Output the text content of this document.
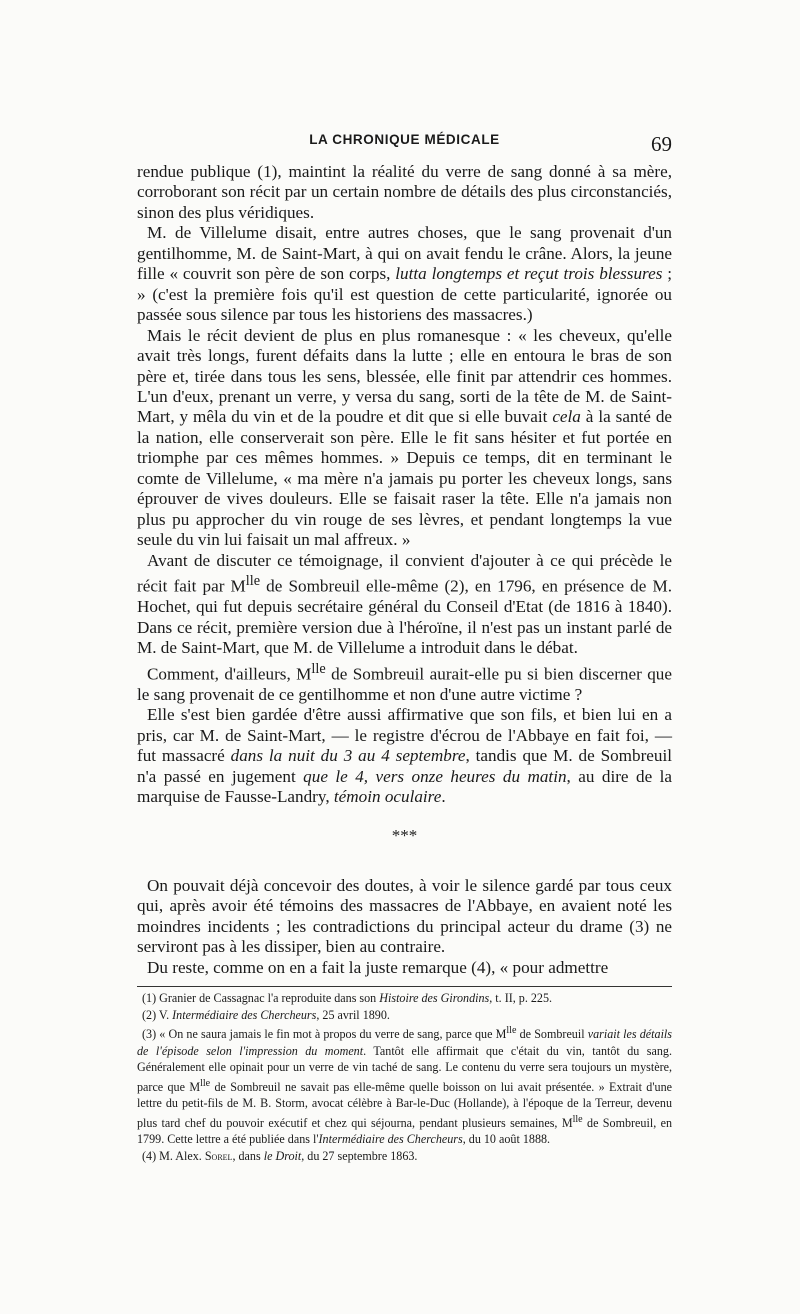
LA CHRONIQUE MÉDICALE	69

rendue publique (1), maintint la réalité du verre de sang donné à sa mère, corroborant son récit par un certain nombre de détails des plus circonstanciés, sinon des plus véridiques.

M. de Villelume disait, entre autres choses, que le sang provenait d'un gentilhomme, M. de Saint-Mart, à qui on avait fendu le crâne. Alors, la jeune fille « couvrit son père de son corps, lutta longtemps et reçut trois blessures ; » (c'est la première fois qu'il est question de cette particularité, ignorée ou passée sous silence par tous les historiens des massacres.)

Mais le récit devient de plus en plus romanesque : « les cheveux, qu'elle avait très longs, furent défaits dans la lutte ; elle en entoura le bras de son père et, tirée dans tous les sens, blessée, elle finit par attendrir ces hommes. L'un d'eux, prenant un verre, y versa du sang, sorti de la tête de M. de Saint-Mart, y mêla du vin et de la poudre et dit que si elle buvait cela à la santé de la nation, elle conserverait son père. Elle le fit sans hésiter et fut portée en triomphe par ces mêmes hommes. » Depuis ce temps, dit en terminant le comte de Villelume, « ma mère n'a jamais pu porter les cheveux longs, sans éprouver de vives douleurs. Elle se faisait raser la tête. Elle n'a jamais non plus pu approcher du vin rouge de ses lèvres, et pendant longtemps la vue seule du vin lui faisait un mal affreux. »

Avant de discuter ce témoignage, il convient d'ajouter à ce qui précède le récit fait par $M^{lle}$ de Sombreuil elle-même (2), en 1796, en présence de M. Hochet, qui fut depuis secrétaire général du Conseil d'Etat (de 1816 à 1840). Dans ce récit, première version due à l'héroïne, il n'est pas un instant parlé de M. de Saint-Mart, que M. de Villelume a introduit dans le débat.

Comment, d'ailleurs, $M^{lle}$ de Sombreuil aurait-elle pu si bien discerner que le sang provenait de ce gentilhomme et non d'une autre victime ?

Elle s'est bien gardée d'être aussi affirmative que son fils, et bien lui en a pris, car M. de Saint-Mart, — le registre d'écrou de l'Abbaye en fait foi, — fut massacré dans la nuit du 3 au 4 septembre, tandis que M. de Sombreuil n'a passé en jugement que le 4, vers onze heures du matin, au dire de la marquise de Fausse-Landry, témoin oculaire.

***

On pouvait déjà concevoir des doutes, à voir le silence gardé par tous ceux qui, après avoir été témoins des massacres de l'Abbaye, en avaient noté les moindres incidents ; les contradictions du principal acteur du drame (3) ne serviront pas à les dissiper, bien au contraire.

Du reste, comme on en a fait la juste remarque (4), « pour admettre

(1) Granier de Cassagnac l'a reproduite dans son Histoire des Girondins, t. II, p. 225.

(2) V. Intermédiaire des Chercheurs, 25 avril 1890.

(3) « On ne saura jamais le fin mot à propos du verre de sang, parce que $M^{lle}$ de Sombreuil variait les détails de l'épisode selon l'impression du moment. Tantôt elle affirmait que c'était du vin, tantôt du sang. Généralement elle opinait pour un verre de vin taché de sang. Le contenu du verre sera toujours un mystère, parce que $M^{lle}$ de Sombreuil ne savait pas elle-même quelle boisson on lui avait présentée. » Extrait d'une lettre du petit-fils de M. B. Storm, avocat célèbre à Bar-le-Duc (Hollande), à l'époque de la Terreur, devenu plus tard chef du pouvoir exécutif et chez qui séjourna, pendant plusieurs semaines, $M^{lle}$ de Sombreuil, en 1799. Cette lettre a été publiée dans l'Intermédiaire des Chercheurs, du 10 août 1888.

(4) M. Alex. Sorel, dans le Droit, du 27 septembre 1863.
